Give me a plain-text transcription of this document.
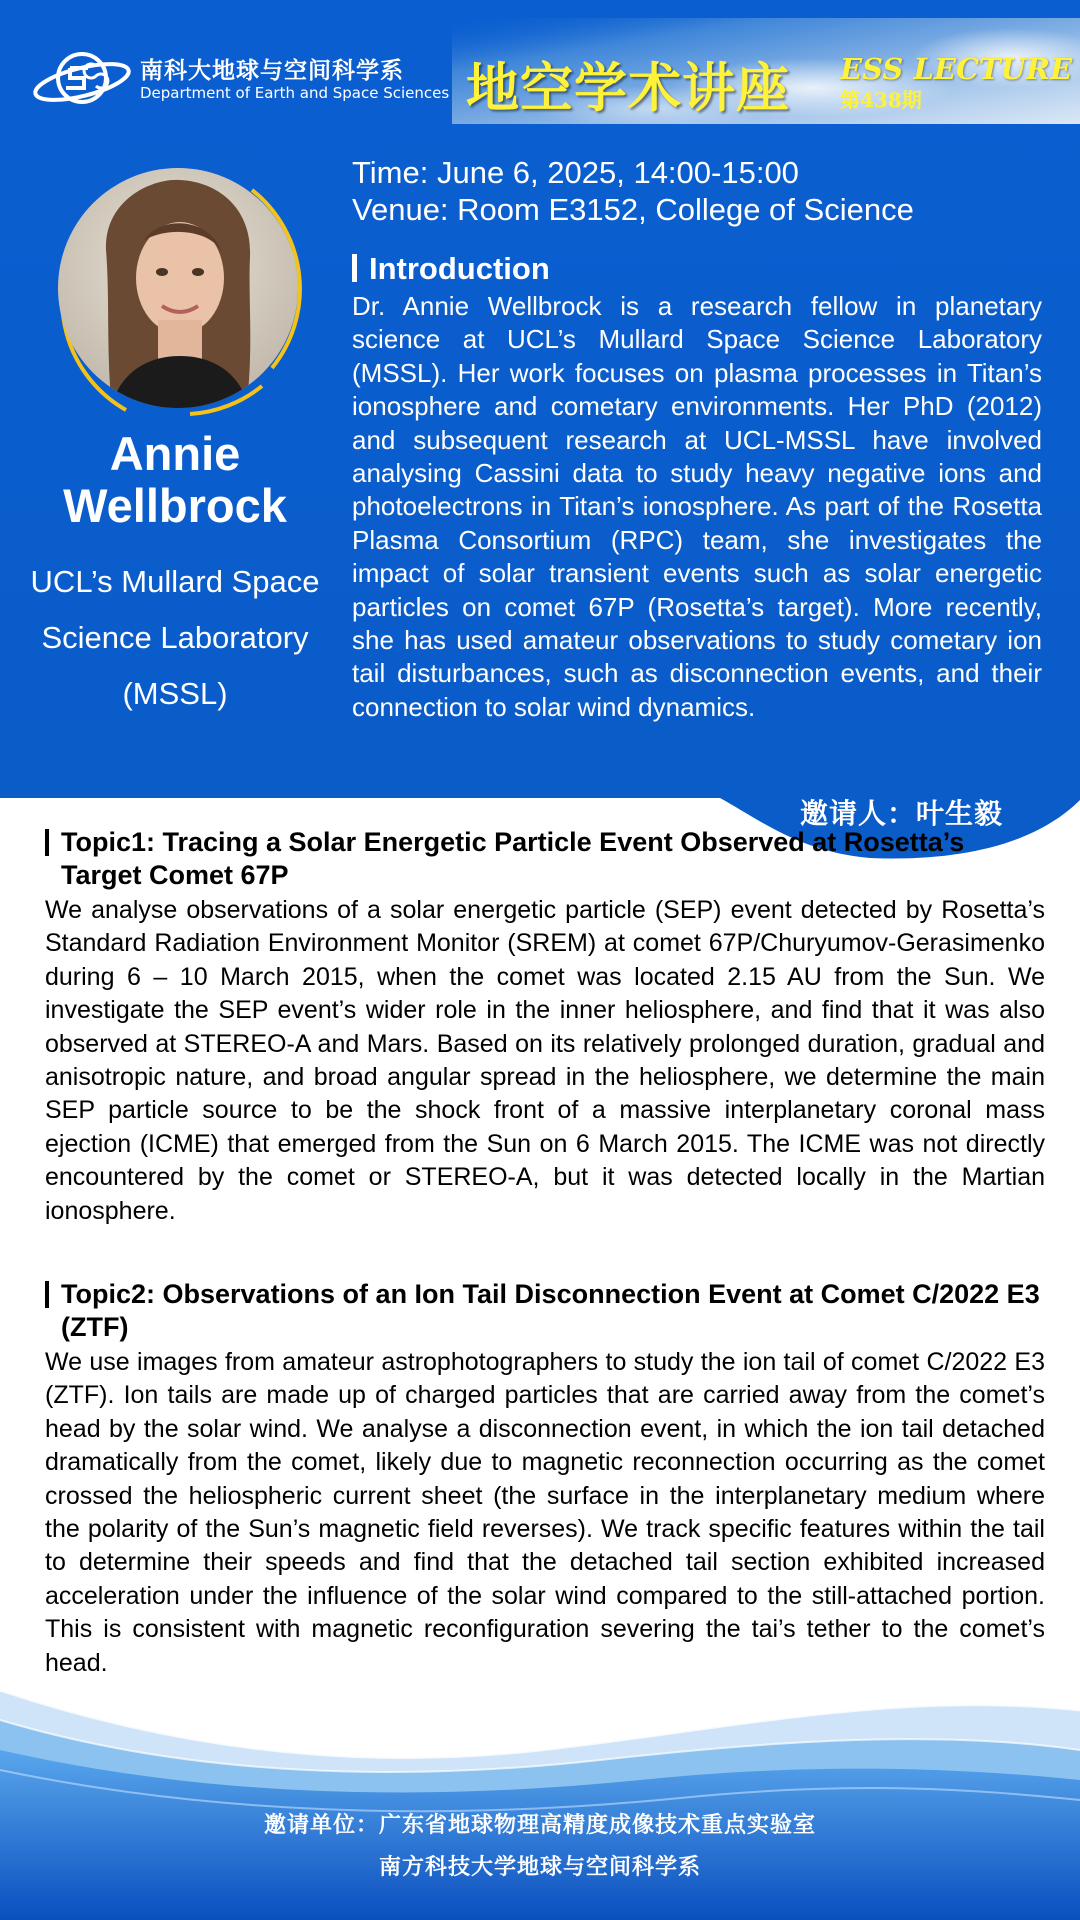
南科大地球与空间科学系
Department of Earth and Space Sciences 地空学术讲座 ESS LECTURE
第438期
Annie Wellbrock
UCL’s Mullard Space Science Laboratory (MSSL)
Time: June 6, 2025, 14:00-15:00
Venue: Room E3152, College of Science
Introduction
Dr. Annie Wellbrock is a research fellow in planetary science at UCL’s Mullard Space Science Laboratory (MSSL). Her work focuses on plasma processes in Titan’s ionosphere and cometary environments. Her PhD (2012) and subsequent research at UCL-MSSL have involved analysing Cassini data to study heavy negative ions and photoelectrons in Titan’s ionosphere. As part of the Rosetta Plasma Consortium (RPC) team, she investigates the impact of solar transient events such as solar energetic particles on comet 67P (Rosetta’s target). More recently, she has used amateur observations to study cometary ion tail disturbances, such as disconnection events, and their connection to solar wind dynamics.
邀请人：叶生毅
Topic1: Tracing a Solar Energetic Particle Event Observed at Rosetta’s Target Comet 67P
We analyse observations of a solar energetic particle (SEP) event detected by Rosetta’s Standard Radiation Environment Monitor (SREM) at comet 67P/Churyumov-Gerasimenko during 6 – 10 March 2015, when the comet was located 2.15 AU from the Sun. We investigate the SEP event’s wider role in the inner heliosphere, and find that it was also observed at STEREO-A and Mars. Based on its relatively prolonged duration, gradual and anisotropic nature, and broad angular spread in the heliosphere, we determine the main SEP particle source to be the shock front of a massive interplanetary coronal mass ejection (ICME) that emerged from the Sun on 6 March 2015. The ICME was not directly encountered by the comet or STEREO-A, but it was detected locally in the Martian ionosphere.
Topic2: Observations of an Ion Tail Disconnection Event at Comet C/2022 E3 (ZTF)
We use images from amateur astrophotographers to study the ion tail of comet C/2022 E3 (ZTF). Ion tails are made up of charged particles that are carried away from the comet’s head by the solar wind. We analyse a disconnection event, in which the ion tail detached dramatically from the comet, likely due to magnetic reconnection occurring as the comet crossed the heliospheric current sheet (the surface in the interplanetary medium where the polarity of the Sun’s magnetic field reverses). We track specific features within the tail to determine their speeds and find that the detached tail section exhibited increased acceleration under the influence of the solar wind compared to the still-attached portion. This is consistent with magnetic reconfiguration severing the tai’s tether to the comet’s head.
邀请单位：广东省地球物理高精度成像技术重点实验室
南方科技大学地球与空间科学系
